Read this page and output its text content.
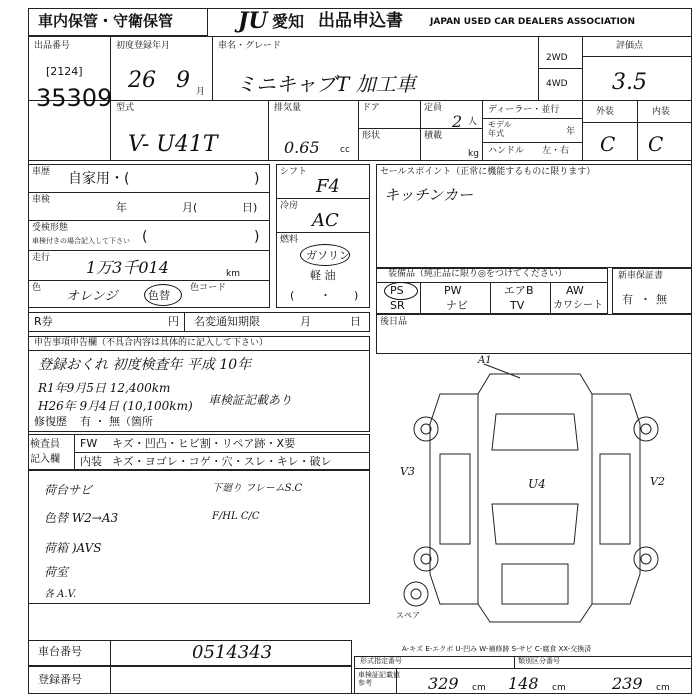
車内保管・守衛保管	JU 愛知 出品申込書	JAPAN USED CAR DEALERS ASSOCIATION
出品番号
[2124]
35309
初度登録年月
26 9 月
車名・グレード
ミニキャブT 加工車
2WD
4WD
評価点
3.5
型式
V- U41T
排気量
0.65 cc
ドア
形状
定員
2 人
積載
kg
ディーラー・並行
モデル
年式	年
ハンドル 左・右
外装	内装
C C
車歴 自家用・(	)
車検
年	月(	日)
受検形態
車検付きの場合記入して下さい (	)
走行 1万3千014	km
色
オレンジ	色替
色コード
シフト
F4
冷房
AC
燃料
ガソリン
軽 油
( ・ )
セールスポイント（正常に機能するものに限ります）
キッチンカー
装備品（純正品に限り◎をつけてください）
PS	PW	エアB	AW
SR	ナビ	TV	カワシート
新車保証書
有 ・ 無
R券	円 名変通知期限	月	日 後日品
申告事項申告欄（不具合内容は具体的に記入して下さい）
登録おくれ 初度検査年 平成 10年
R1年9月5日 12,400km
H26年 9月4日 (10,100km) 車検証記載あり
修復歴 有 ・ 無（箇所
検査員
記入欄
FW キズ・凹凸・ヒビ割・リペア跡・X要
内装 キズ・ヨゴレ・コゲ・穴・スレ・キレ・破レ
荷台サビ
色替 W2→A3
荷箱 )AVS
荷室
各 A.V.
下廻り フレームS.C
F/HL C/C
A1
U4
V3
V2
スペア
A-キズ E-エクボ U-凹み W-補修跡 S-サビ C-腐食 XX-交換済
車台番号	0514343
登録番号
形式指定番号	類別区分番号
車検証記載値
参考	329 cm 148 cm	239 cm
